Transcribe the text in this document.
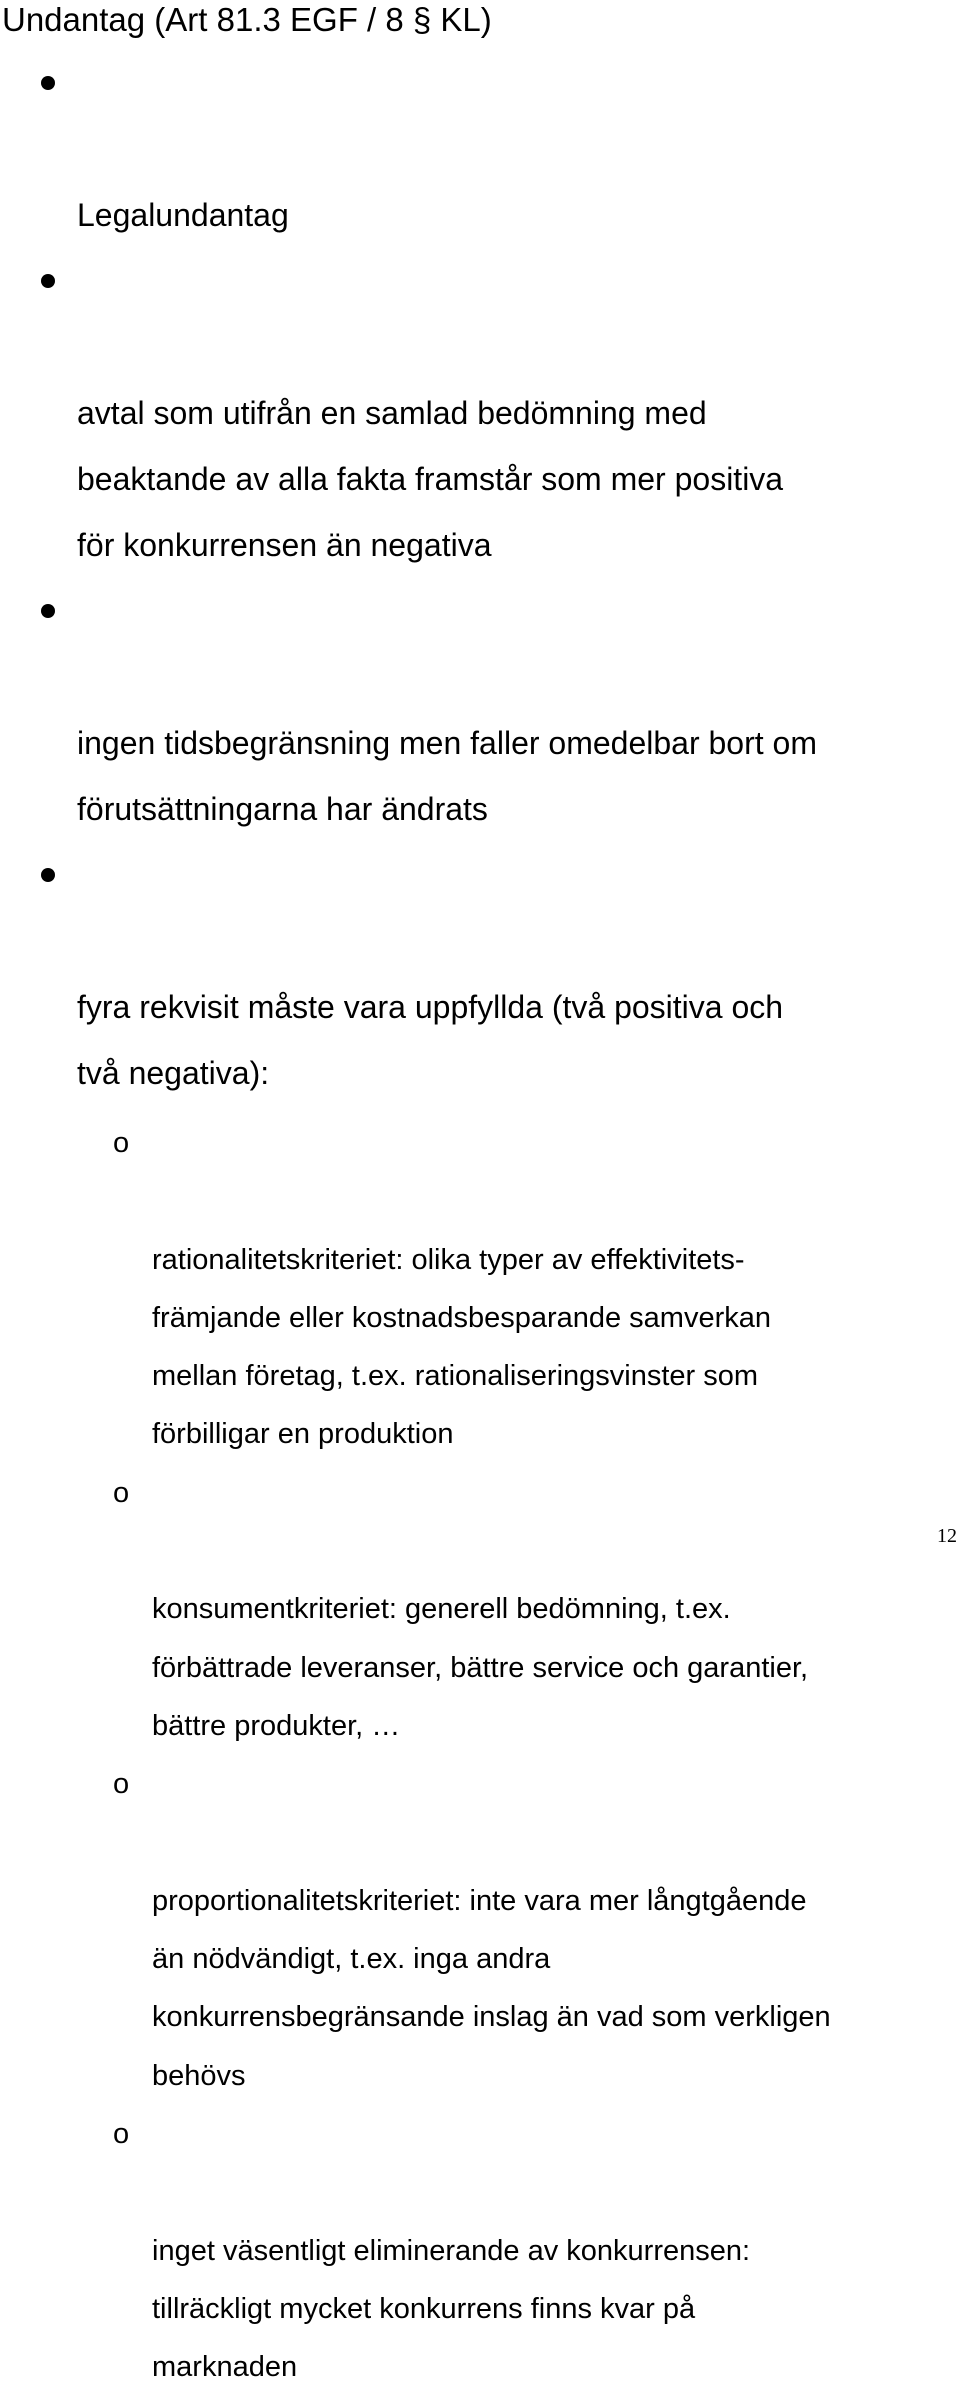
Undantag (Art 81.3 EGF / 8 § KL)

Legalundantag

avtal som utifrån en samlad bedömning med
beaktande av alla fakta framstår som mer positiva
för konkurrensen än negativa

ingen tidsbegränsning men faller omedelbar bort om
förutsättningarna har ändrats

fyra rekvisit måste vara uppfyllda (två positiva och
två negativa):

o

rationalitetskriteriet: olika typer av effektivitets-
främjande eller kostnadsbesparande samverkan
mellan företag, t.ex. rationaliseringsvinster som
förbilligar en produktion

o

konsumentkriteriet: generell bedömning, t.ex.
förbättrade leveranser, bättre service och garantier,
bättre produkter, …

o

proportionalitetskriteriet: inte vara mer långtgående
än nödvändigt, t.ex. inga andra
konkurrensbegränsande inslag än vad som verkligen
behövs

o

inget väsentligt eliminerande av konkurrensen:
tillräckligt mycket konkurrens finns kvar på
marknaden

12
